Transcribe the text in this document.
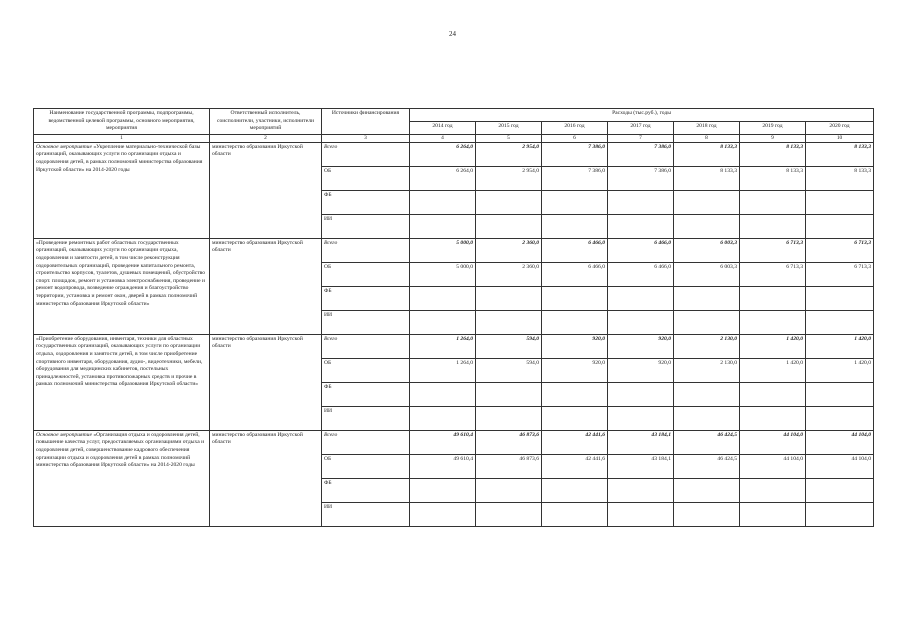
24
Наименование государственной программы, подпрограммы, ведомственной целевой программы, основного мероприятия, мероприятия	Ответственный исполнитель, соисполнители, участники, исполнители мероприятий	Источники финансирования	Расходы (тыс.руб.), годы						
			2014 год	2015 год	2016 год	2017 год	2018 год	2019 год	2020 год
1	2	3	4	5	6	7	8	9	10
Основное мероприятие «Укрепление материально-технической базы организаций, оказывающих услуги по организации отдыха и оздоровления детей, в рамках полномочий министерства образования Иркутской области» на 2014-2020 годы	министерство образования Иркутской области	Всего	6 264,0	2 954,0	7 386,0	7 386,0	8 133,3	8 133,3	8 133,3
		ОБ	6 264,0	2 954,0	7 386,0	7 386,0	8 133,3	8 133,3	8 133,3
		ФБ							
		ИИ							
«Проведение ремонтных работ областных государственных организаций, оказывающих услуги по организации отдыха, оздоровления и занятости детей, в том числе реконструкция оздоровительных организаций, проведение капитального ремонта, строительство корпусов, туалетов, душевых помещений, обустройство спорт. площадок, ремонт и установка электроснабжения, проведение и ремонт водопровода, возведение ограждения и благоустройство территории, установка и ремонт окон, дверей в рамках полномочий министерства образования Иркутской области»	министерство образования Иркутской области	Всего	5 000,0	2 360,0	6 466,0	6 466,0	6 003,3	6 713,3	6 713,3
		ОБ	5 000,0	2 360,0	6 466,0	6 466,0	6 003,3	6 713,3	6 713,3
		ФБ							
		ИИ							
«Приобретение оборудования, инвентаря, техники для областных государственных организаций, оказывающих услуги по организации отдыха, оздоровления и занятости детей, в том числе приобретение спортивного инвентаря, оборудования, аудио-, видеотехники, мебели, оборудования для медицинских кабинетов, постельных принадлежностей, установка противопожарных средств и прочие в рамках полномочий министерства образования Иркутской области»	министерство образования Иркутской области	Всего	1 264,0	594,0	920,0	920,0	2 130,0	1 420,0	1 420,0
		ОБ	1 264,0	594,0	920,0	920,0	2 130,0	1 420,0	1 420,0
		ФБ							
		ИИ							
Основное мероприятие «Организация отдыха и оздоровления детей, повышение качества услуг, предоставляемых организациями отдыха и оздоровления детей, совершенствование кадрового обеспечения организации отдыха и оздоровления детей в рамках полномочий министерства образования Иркутской области» на 2014-2020 годы	министерство образования Иркутской области	Всего	49 610,4	46 873,6	42 441,6	43 184,1	46 424,5	44 104,0	44 104,0
		ОБ	49 610,4	46 873,6	42 441,6	43 184,1	46 424,5	44 104,0	44 104,0
		ФБ							
		ИИ							
